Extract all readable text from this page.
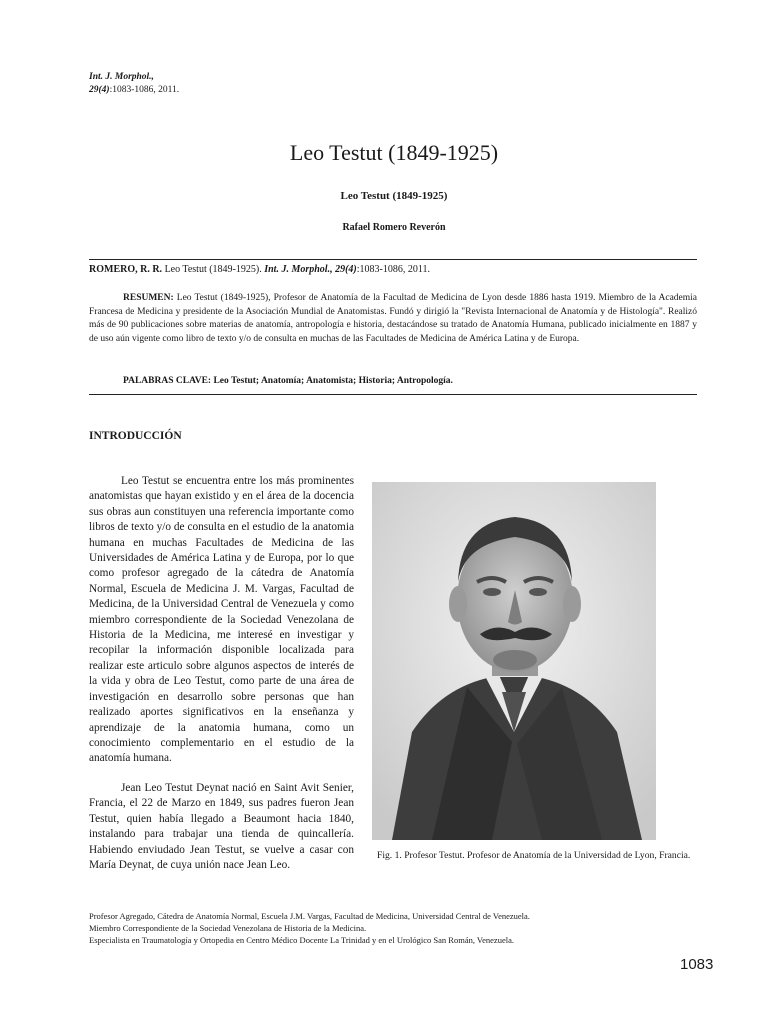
Int. J. Morphol.,
29(4):1083-1086, 2011.
Leo Testut (1849-1925)
Leo Testut (1849-1925)
Rafael Romero Reverón
ROMERO, R. R. Leo Testut (1849-1925). Int. J. Morphol., 29(4):1083-1086, 2011.

RESUMEN: Leo Testut (1849-1925), Profesor de Anatomía de la Facultad de Medicina de Lyon desde 1886 hasta 1919. Miembro de la Academia Francesa de Medicina y presidente de la Asociación Mundial de Anatomistas. Fundó y dirigió la "Revista Internacional de Anatomía y de Histología". Realizó más de 90 publicaciones sobre materias de anatomía, antropología e historia, destacándose su tratado de Anatomía Humana, publicado inicialmente en 1887 y de uso aún vigente como libro de texto y/o de consulta en muchas de las Facultades de Medicina de América Latina y de Europa.

PALABRAS CLAVE: Leo Testut; Anatomía; Anatomista; Historia; Antropología.
INTRODUCCIÓN

Leo Testut se encuentra entre los más prominentes anatomistas que hayan existido y en el área de la docencia sus obras aun constituyen una referencia importante como libros de texto y/o de consulta en el estudio de la anatomia humana en muchas Facultades de Medicina de las Universidades de América Latina y de Europa, por lo que como profesor agregado de la cátedra de Anatomía Normal, Escuela de Medicina J. M. Vargas, Facultad de Medicina, de la Universidad Central de Venezuela y como miembro correspondiente de la Sociedad Venezolana de Historia de la Medicina, me interesé en investigar y recopilar la información disponible localizada para realizar este articulo sobre algunos aspectos de interés de la vida y obra de Leo Testut, como parte de una área de investigación en desarrollo sobre personas que han realizado aportes significativos en la enseñanza y aprendizaje de la anatomia humana, como un conocimiento complementario en el estudio de la anatomía humana.

Jean Leo Testut Deynat nació en Saint Avit Senier, Francia, el 22 de Marzo en 1849, sus padres fueron Jean Testut, quien había llegado a Beaumont hacia 1840, instalando para trabajar una tienda de quincallería. Habiendo enviudado Jean Testut, se vuelve a casar con María Deynat, de cuya unión nace Jean Leo.

Fig. 1. Profesor Testut. Profesor de Anatomía de la Universidad de Lyon, Francia.

Profesor Agregado, Cátedra de Anatomía Normal, Escuela J.M. Vargas, Facultad de Medicina, Universidad Central de Venezuela.
Miembro Correspondiente de la Sociedad Venezolana de Historia de la Medicina.
Especialista en Traumatología y Ortopedia en Centro Médico Docente La Trinidad y en el Urológico San Román, Venezuela.
1083
